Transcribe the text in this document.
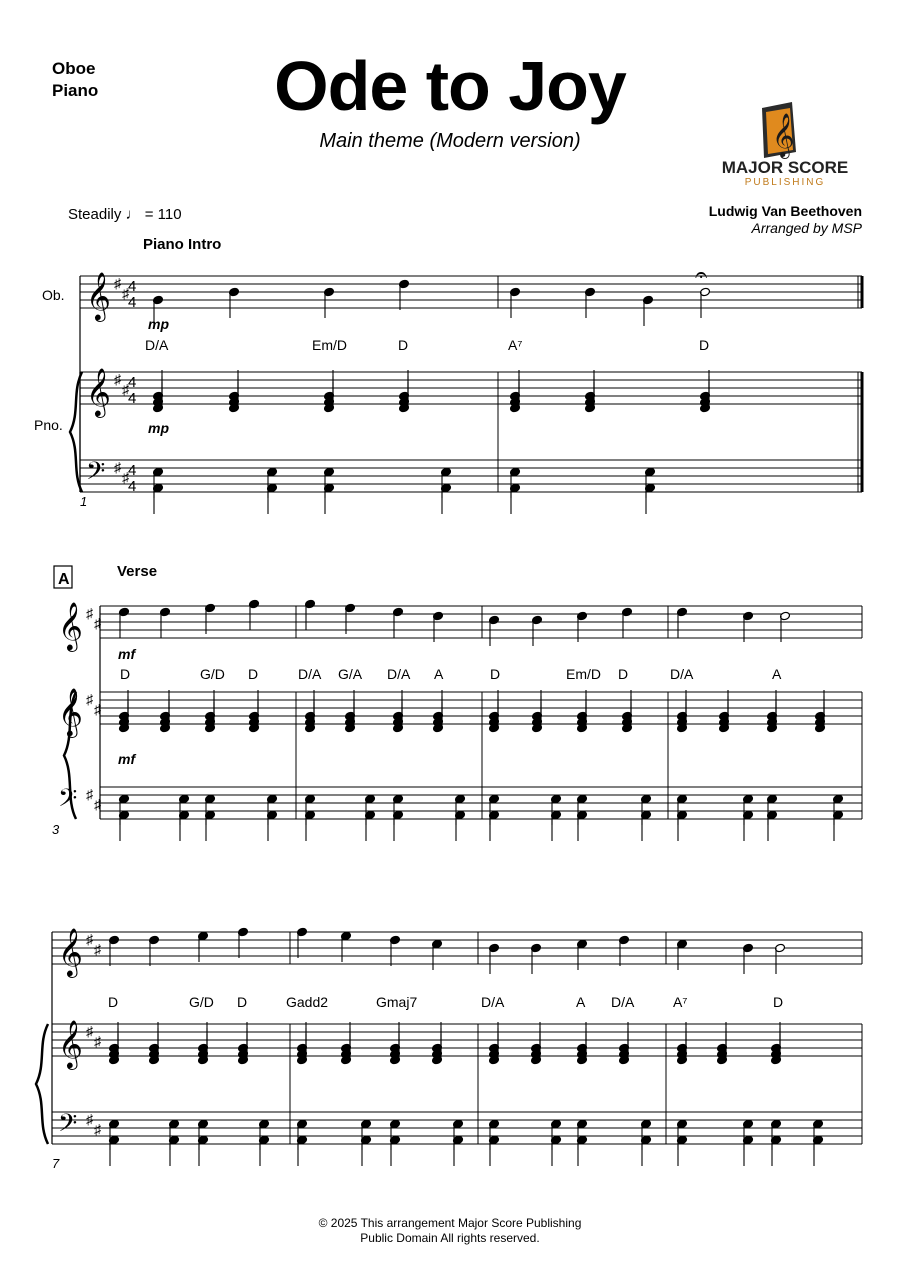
Oboe
Piano	Ode to Joy
Main theme (Modern version)	𝄞
MAJOR SCORE
PUBLISHING
Steadily ♩ = 110	Ludwig Van Beethoven
Arranged by MSP
Piano Intro
Ob.
Pno.
1
mp
mp
D/A	Em/D	D	A⁷	D
A	Verse
mf
mf
3
D	G/D D	D/A G/A D/A A	D	Em/D D	D/A	A
7
D	G/D D	Gadd2	Gmaj7	D/A	A D/A	A⁷	D
𝄞 ♯
♯
𝄞 ♯
♯
𝄢 ♯
♯
4
4
4
4
4
4
𝄐
𝄞 ♯
♯
𝄞 ♯
♯
𝄢 ♯
♯
𝄞 ♯
♯
𝄞 ♯
♯
𝄢 ♯
♯
© 2025 This arrangement Major Score Publishing
Public Domain All rights reserved.
